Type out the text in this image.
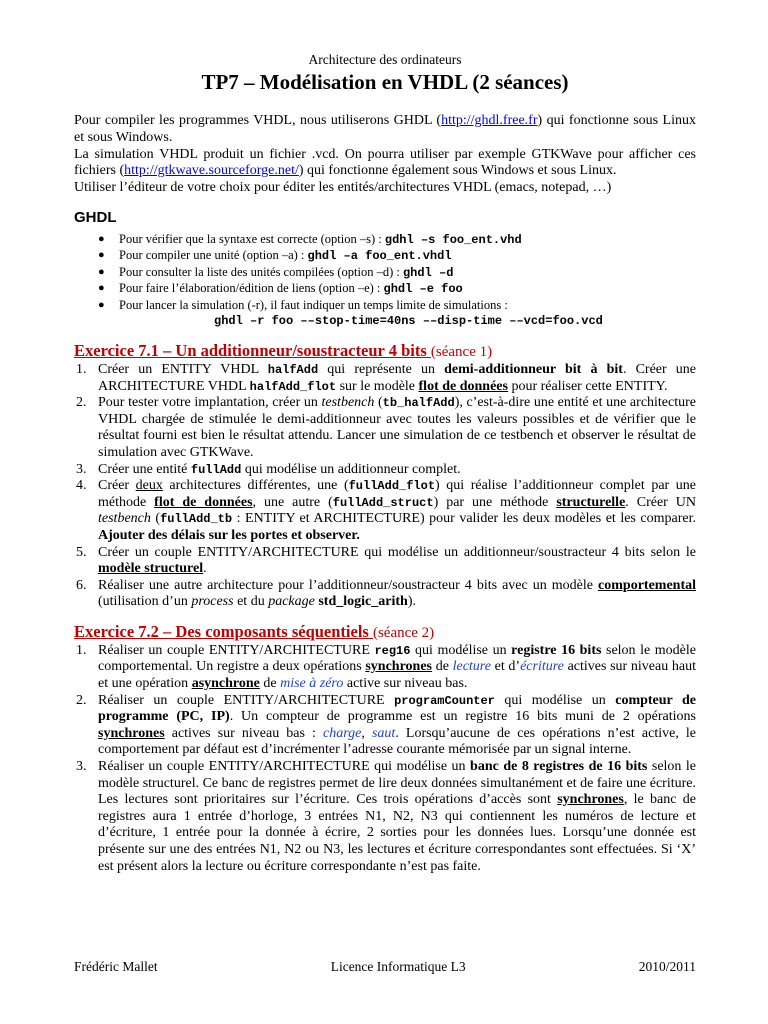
Architecture des ordinateurs
TP7 – Modélisation en VHDL (2 séances)

Pour compiler les programmes VHDL, nous utiliserons GHDL (http://ghdl.free.fr) qui fonctionne sous Linux et sous Windows.

La simulation VHDL produit un fichier .vcd. On pourra utiliser par exemple GTKWave pour afficher ces fichiers (http://gtkwave.sourceforge.net/) qui fonctionne également sous Windows et sous Linux.

Utiliser l’éditeur de votre choix pour éditer les entités/architectures VHDL (emacs, notepad, …)

GHDL
● Pour vérifier que la syntaxe est correcte (option –s) : gdhl –s foo_ent.vhd
● Pour compiler une unité (option –a) : ghdl –a foo_ent.vhdl
● Pour consulter la liste des unités compilées (option –d) : ghdl –d
● Pour faire l’élaboration/édition de liens (option –e) : ghdl –e foo
● Pour lancer la simulation (-r), il faut indiquer un temps limite de simulations :
ghdl –r foo ––stop-time=40ns ––disp-time ––vcd=foo.vcd
Exercice 7.1 – Un additionneur/soustracteur 4 bits (séance 1)
1. Créer un ENTITY VHDL halfAdd qui représente un demi-additionneur bit à bit. Créer une ARCHITECTURE VHDL halfAdd_flot sur le modèle flot de données pour réaliser cette ENTITY.
2. Pour tester votre implantation, créer un testbench (tb_halfAdd), c’est-à-dire une entité et une architecture VHDL chargée de stimulée le demi-additionneur avec toutes les valeurs possibles et de vérifier que le résultat fourni est bien le résultat attendu. Lancer une simulation de ce testbench et observer le résultat de simulation avec GTKWave.
3. Créer une entité fullAdd qui modélise un additionneur complet.
4. Créer deux architectures différentes, une (fullAdd_flot) qui réalise l’additionneur complet par une méthode flot de données, une autre (fullAdd_struct) par une méthode structurelle. Créer UN testbench (fullAdd_tb : ENTITY et ARCHITECTURE) pour valider les deux modèles et les comparer. Ajouter des délais sur les portes et observer.
5. Créer un couple ENTITY/ARCHITECTURE qui modélise un additionneur/soustracteur 4 bits selon le modèle structurel.
6. Réaliser une autre architecture pour l’additionneur/soustracteur 4 bits avec un modèle comportemental (utilisation d’un process et du package std_logic_arith).
Exercice 7.2 – Des composants séquentiels (séance 2)
1. Réaliser un couple ENTITY/ARCHITECTURE reg16 qui modélise un registre 16 bits selon le modèle comportemental. Un registre a deux opérations synchrones de lecture et d’écriture actives sur niveau haut et une opération asynchrone de mise à zéro active sur niveau bas.
2. Réaliser un couple ENTITY/ARCHITECTURE programCounter qui modélise un compteur de programme (PC, IP). Un compteur de programme est un registre 16 bits muni de 2 opérations synchrones actives sur niveau bas : charge, saut. Lorsqu’aucune de ces opérations n’est active, le comportement par défaut est d’incrémenter l’adresse courante mémorisée par un signal interne.
3. Réaliser un couple ENTITY/ARCHITECTURE qui modélise un banc de 8 registres de 16 bits selon le modèle structurel. Ce banc de registres permet de lire deux données simultanément et de faire une écriture. Les lectures sont prioritaires sur l’écriture. Ces trois opérations d’accès sont synchrones, le banc de registres aura 1 entrée d’horloge, 3 entrées N1, N2, N3 qui contiennent les numéros de lecture et d’écriture, 1 entrée pour la donnée à écrire, 2 sorties pour les données lues. Lorsqu’une donnée est présente sur une des entrées N1, N2 ou N3, les lectures et écriture correspondantes sont effectuées. Si ‘X’ est présent alors la lecture ou écriture correspondante n’est pas faite.
Frédéric Mallet	Licence Informatique L3	2010/2011
